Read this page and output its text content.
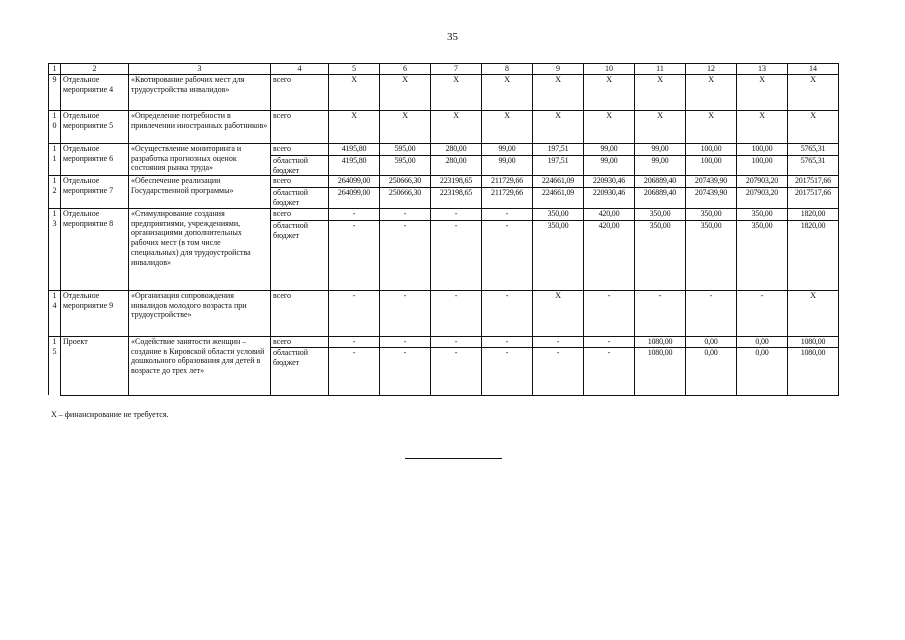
35
1	2	3	4	5	6	7	8	9	10	11	12	13	14
9	Отдельное мероприятие 4	«Квотирование рабочих мест для трудоустройства инвалидов»	всего	X	X	X	X	X	X	X	X	X	X
10	Отдельное мероприятие 5	«Определение потребности в привлечении иностранных работников»	всего	X	X	X	X	X	X	X	X	X	X
11	Отдельное мероприятие 6	«Осуществление мониторинга и разработка прогнозных оценок состояния рынка труда»	всего	4195,80	595,00	280,00	99,00	197,51	99,00	99,00	100,00	100,00	5765,31
			областной бюджет	4195,80	595,00	280,00	99,00	197,51	99,00	99,00	100,00	100,00	5765,31
12	Отдельное мероприятие 7	«Обеспечение реализации Государственной программы»	всего	264099,00	250666,30	223198,65	211729,66	224661,09	220930,46	206889,40	207439,90	207903,20	2017517,66
			областной бюджет	264099,00	250666,30	223198,65	211729,66	224661,09	220930,46	206889,40	207439,90	207903,20	2017517,66
13	Отдельное мероприятие 8	«Стимулирование создания предприятиями, учреждениями, организациями дополнительных рабочих мест (в том числе специальных) для трудоустройства инвалидов»	всего	-	-	-	-	350,00	420,00	350,00	350,00	350,00	1820,00
			областной бюджет	-	-	-	-	350,00	420,00	350,00	350,00	350,00	1820,00
14	Отдельное мероприятие 9	«Организация сопровождения инвалидов молодого возраста при трудоустройстве»	всего	-	-	-	-	X	-	-	-	-	X
15	Проект	«Содействие занятости женщин – создание в Кировской области условий дошкольного образования для детей в возрасте до трех лет»	всего	-	-	-	-	-	-	1080,00	0,00	0,00	1080,00
			областной бюджет	-	-	-	-	-	-	1080,00	0,00	0,00	1080,00
X – финансирование не требуется.
